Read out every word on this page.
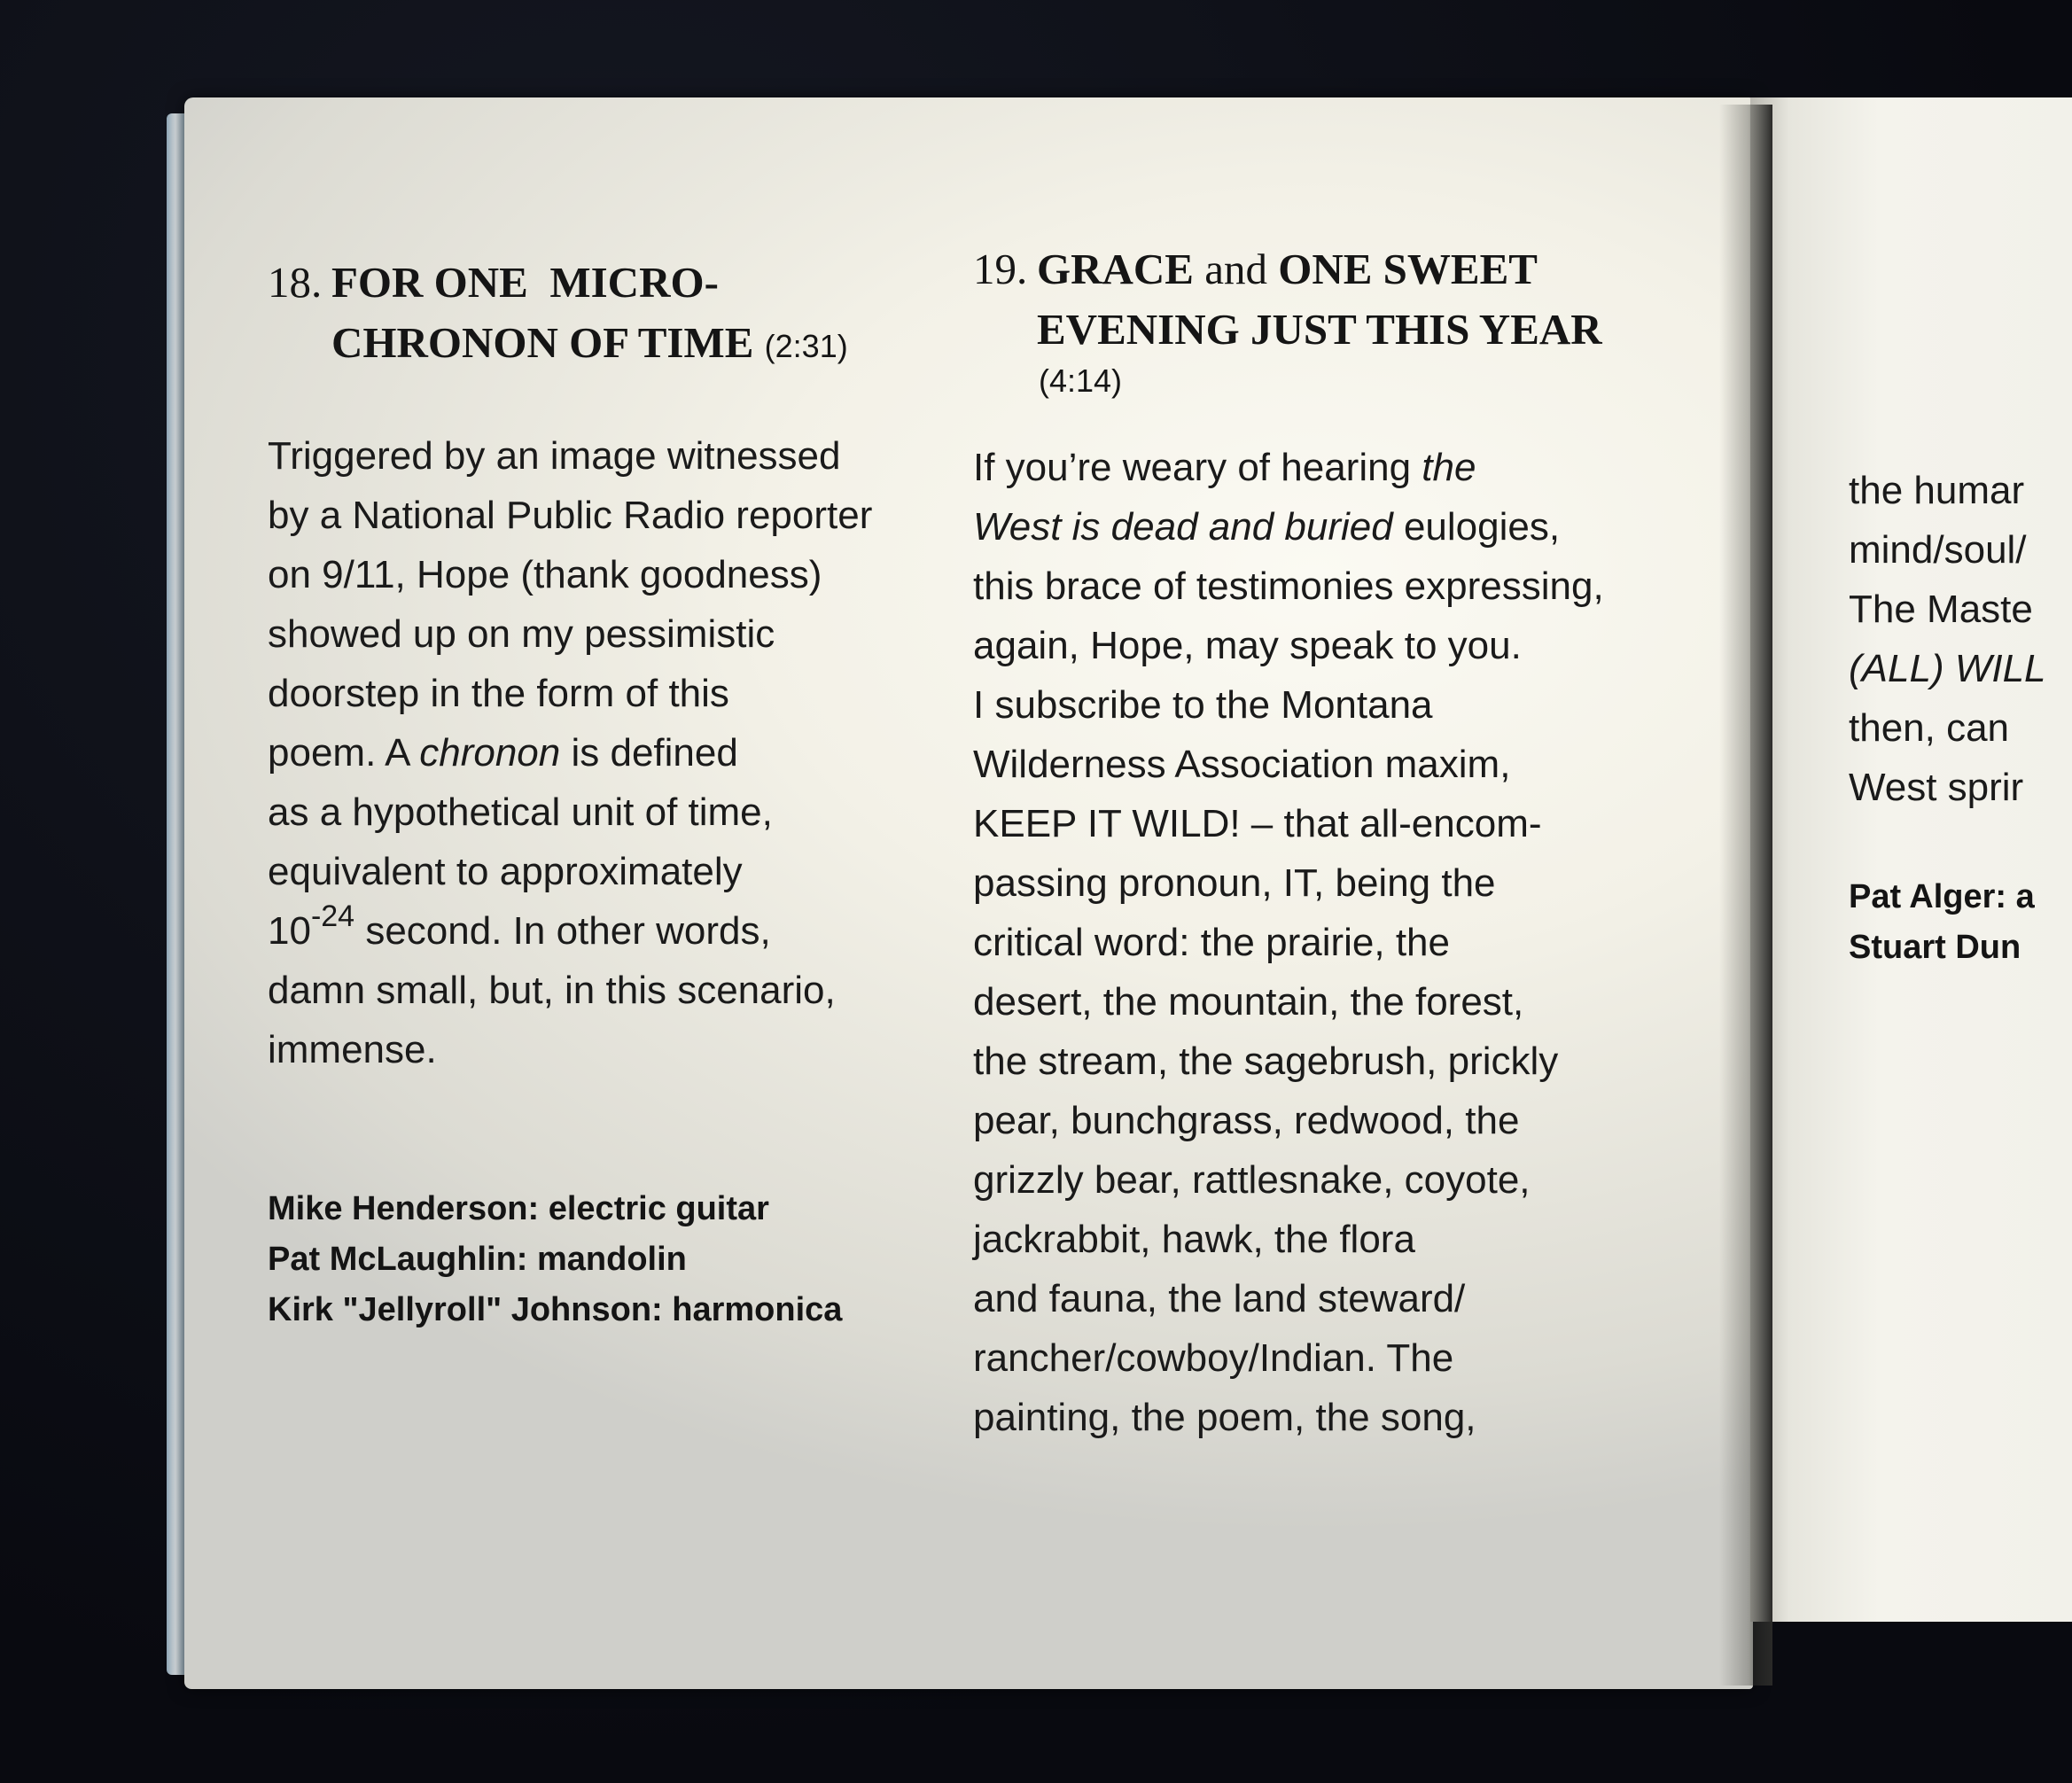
18. FOR ONE  MICRO-
CHRONON OF TIME (2:31)

Triggered by an image witnessed
by a National Public Radio reporter
on 9/11, Hope (thank goodness)
showed up on my pessimistic
doorstep in the form of this
poem. A chronon is defined
as a hypothetical unit of time,
equivalent to approximately
$10^{-24}$ second. In other words,
damn small, but, in this scenario,
immense.

Mike Henderson: electric guitar
Pat McLaughlin: mandolin
Kirk "Jellyroll" Johnson: harmonica
19. GRACE and ONE SWEET
EVENING JUST THIS YEAR
(4:14)

If you’re weary of hearing the
West is dead and buried eulogies,
this brace of testimonies expressing,
again, Hope, may speak to you.
I subscribe to the Montana
Wilderness Association maxim,
KEEP IT WILD! – that all-encom-
passing pronoun, IT, being the
critical word: the prairie, the
desert, the mountain, the forest,
the stream, the sagebrush, prickly
pear, bunchgrass, redwood, the
grizzly bear, rattlesnake, coyote,
jackrabbit, hawk, the flora
and fauna, the land steward/
rancher/cowboy/Indian. The
painting, the poem, the song,

the humar
mind/soul/
The Maste
(ALL) WILL
then, can
West sprir

Pat Alger: a
Stuart Dun
